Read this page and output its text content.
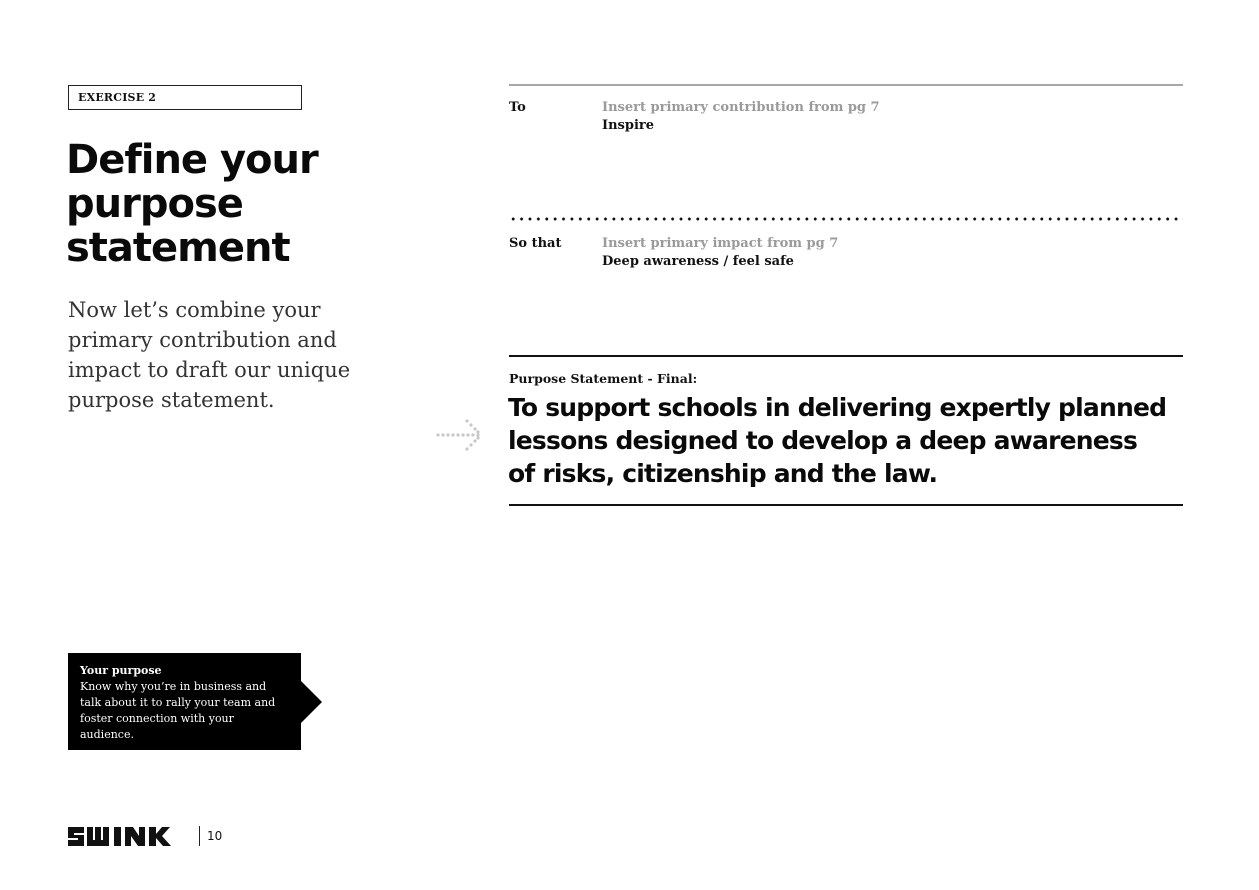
EXERCISE 2
Define your purpose statement

Now let’s combine your primary contribution and impact to draft our unique purpose statement.

To	Insert primary contribution from pg 7
Inspire
So that	Insert primary impact from pg 7
Deep awareness / feel safe
Purpose Statement - Final:
To support schools in delivering expertly planned lessons designed to develop a deep awareness of risks, citizenship and the law.
Your purpose
Know why you’re in business and talk about it to rally your team and foster connection with your audience.
10
